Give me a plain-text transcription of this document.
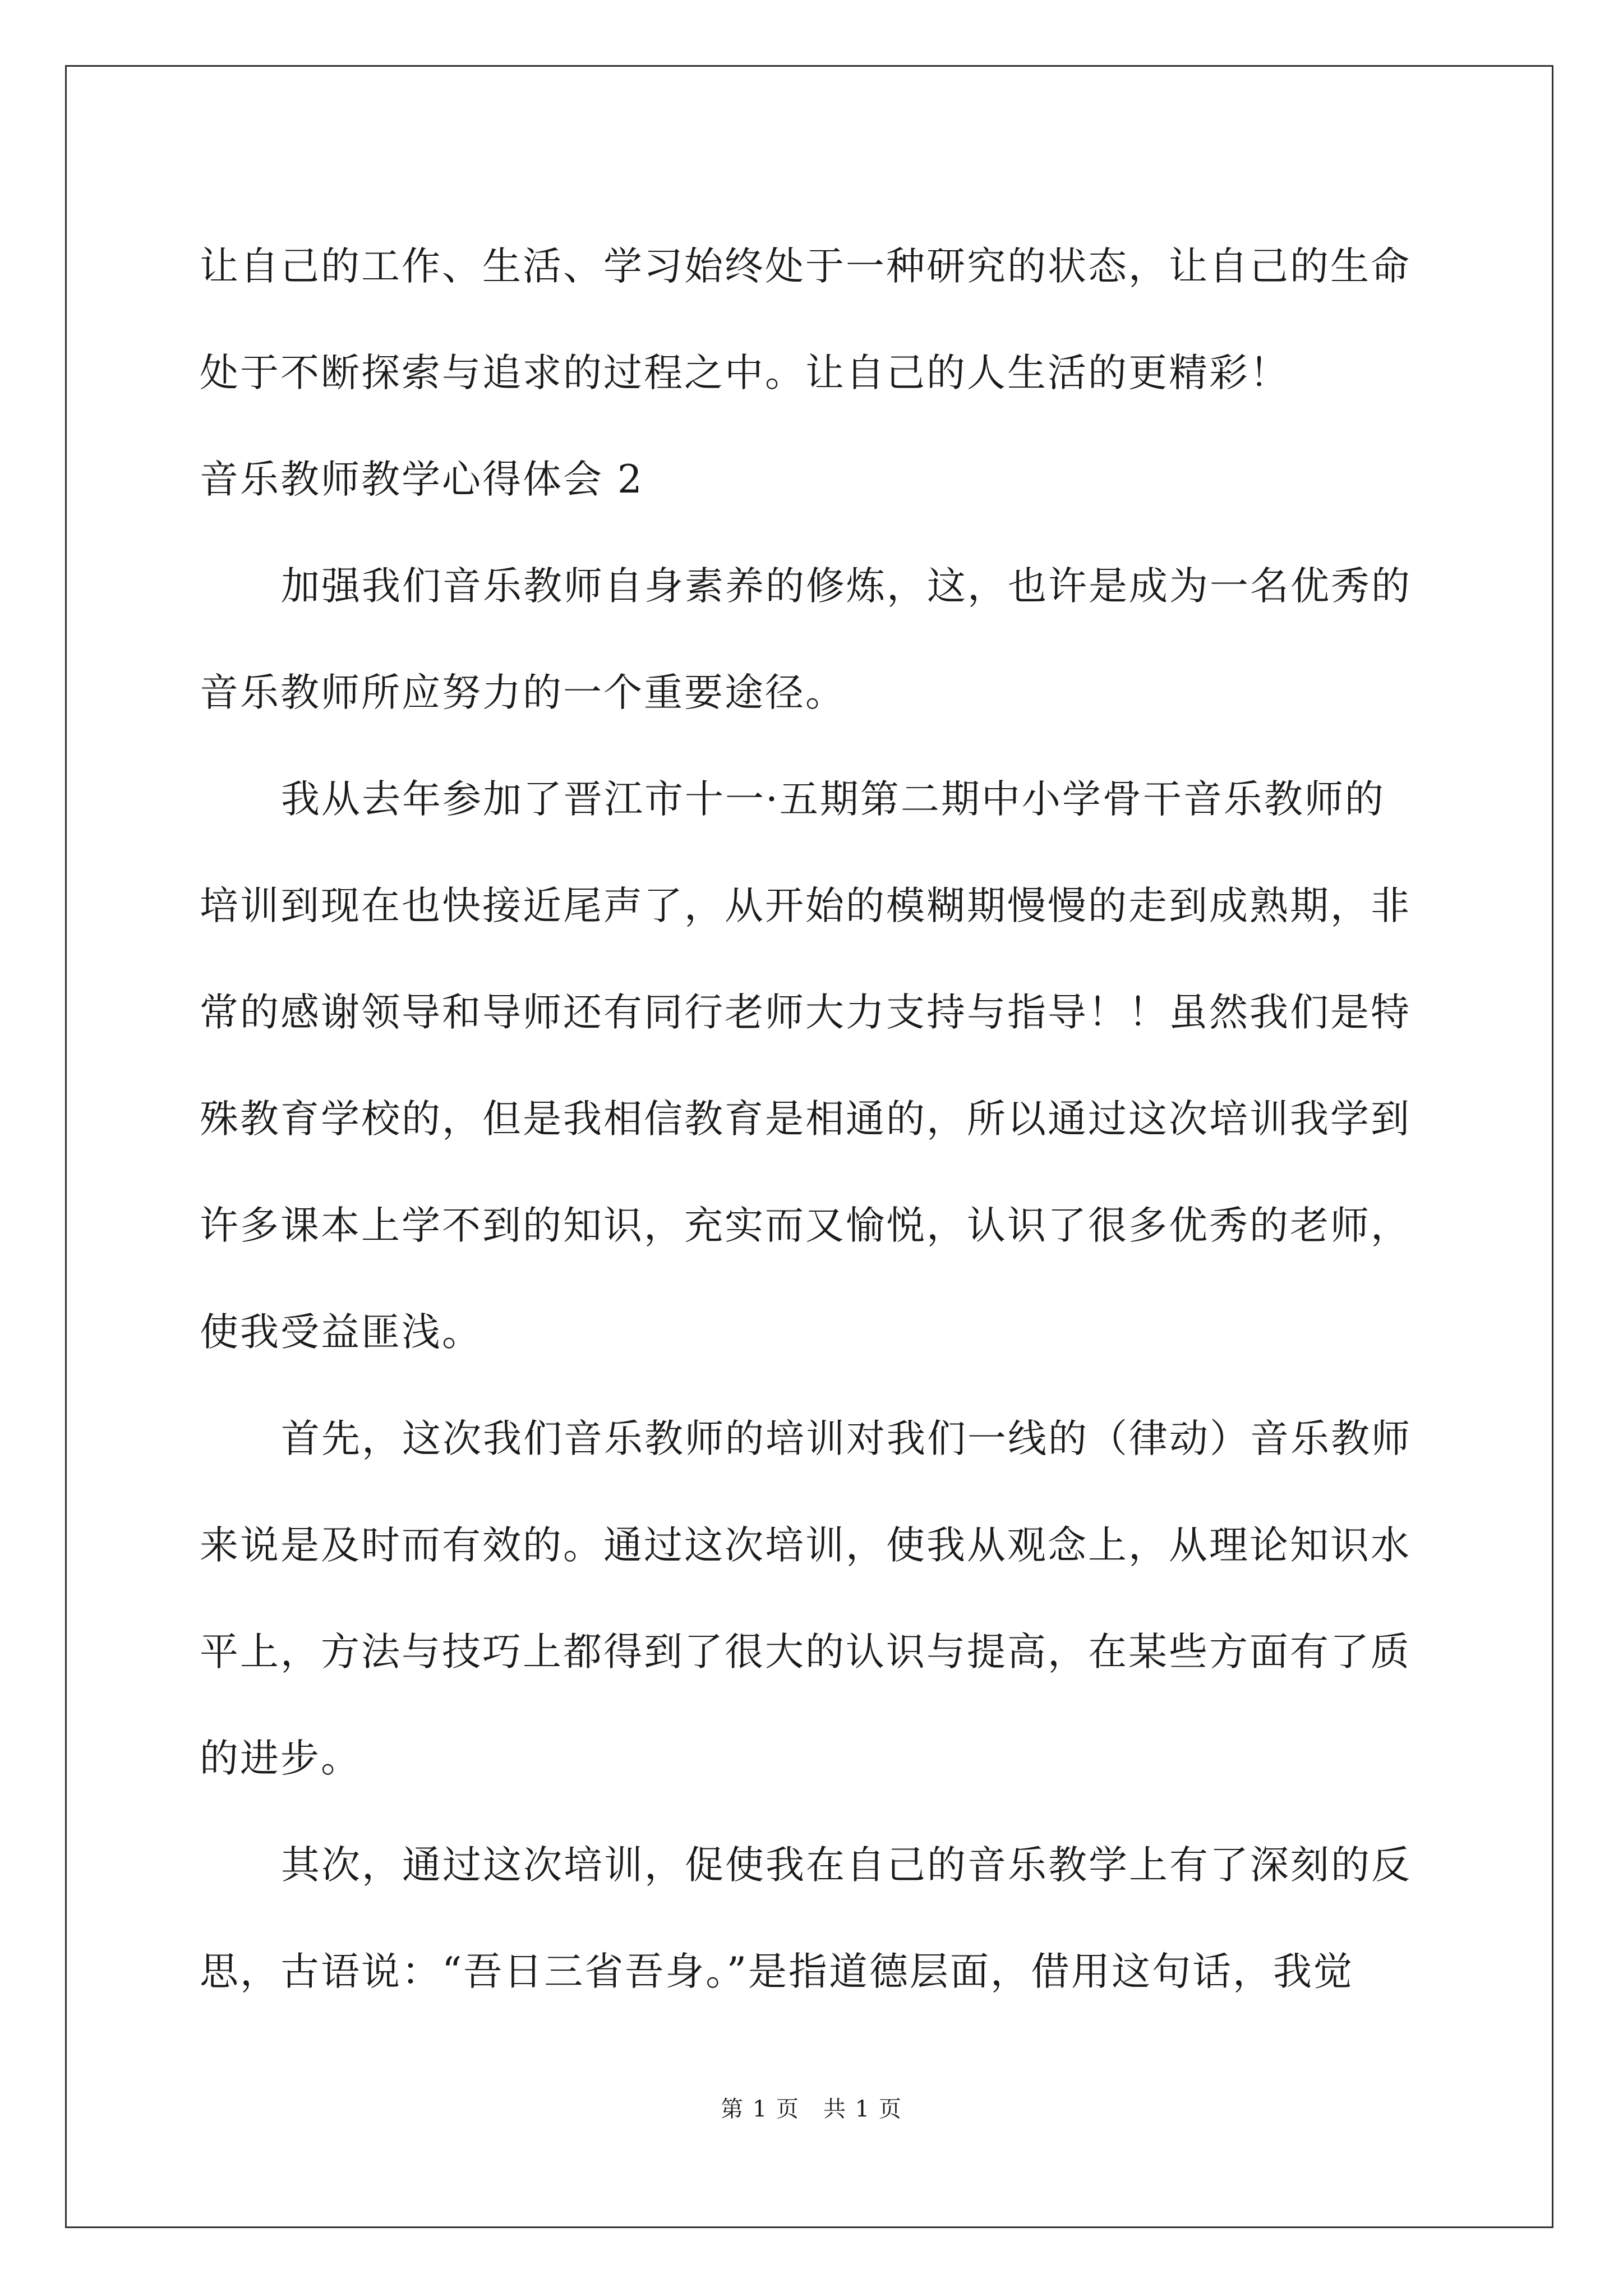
让自己的工作、生活、学习始终处于一种研究的状态，让自己的生命
处于不断探索与追求的过程之中。让自己的人生活的更精彩！

音乐教师教学心得体会 2

加强我们音乐教师自身素养的修炼，这，也许是成为一名优秀的
音乐教师所应努力的一个重要途径。

我从去年参加了晋江市十一·五期第二期中小学骨干音乐教师的
培训到现在也快接近尾声了，从开始的模糊期慢慢的走到成熟期，非
常的感谢领导和导师还有同行老师大力支持与指导！！虽然我们是特
殊教育学校的，但是我相信教育是相通的，所以通过这次培训我学到
许多课本上学不到的知识，充实而又愉悦，认识了很多优秀的老师，
使我受益匪浅。

首先，这次我们音乐教师的培训对我们一线的（律动）音乐教师
来说是及时而有效的。通过这次培训，使我从观念上，从理论知识水
平上，方法与技巧上都得到了很大的认识与提高，在某些方面有了质
的进步。

其次，通过这次培训，促使我在自己的音乐教学上有了深刻的反
思，古语说：“吾日三省吾身。”是指道德层面，借用这句话，我觉

第 1 页　共 1 页
